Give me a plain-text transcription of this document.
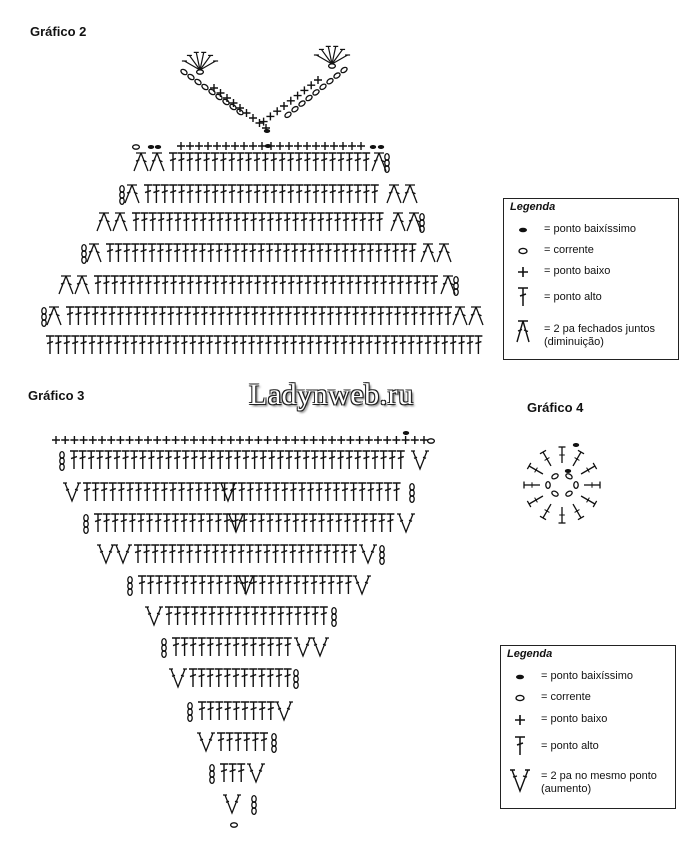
Gráfico 2
Gráfico 3
Gráfico 4
Ladynweb.ru
Legenda
= ponto baixíssimo
= corrente
= ponto baixo
= ponto alto
= 2 pa fechados juntos
(diminuição)
Legenda
= ponto baixíssimo
= corrente
= ponto baixo
= ponto alto
= 2 pa no mesmo ponto
(aumento)
